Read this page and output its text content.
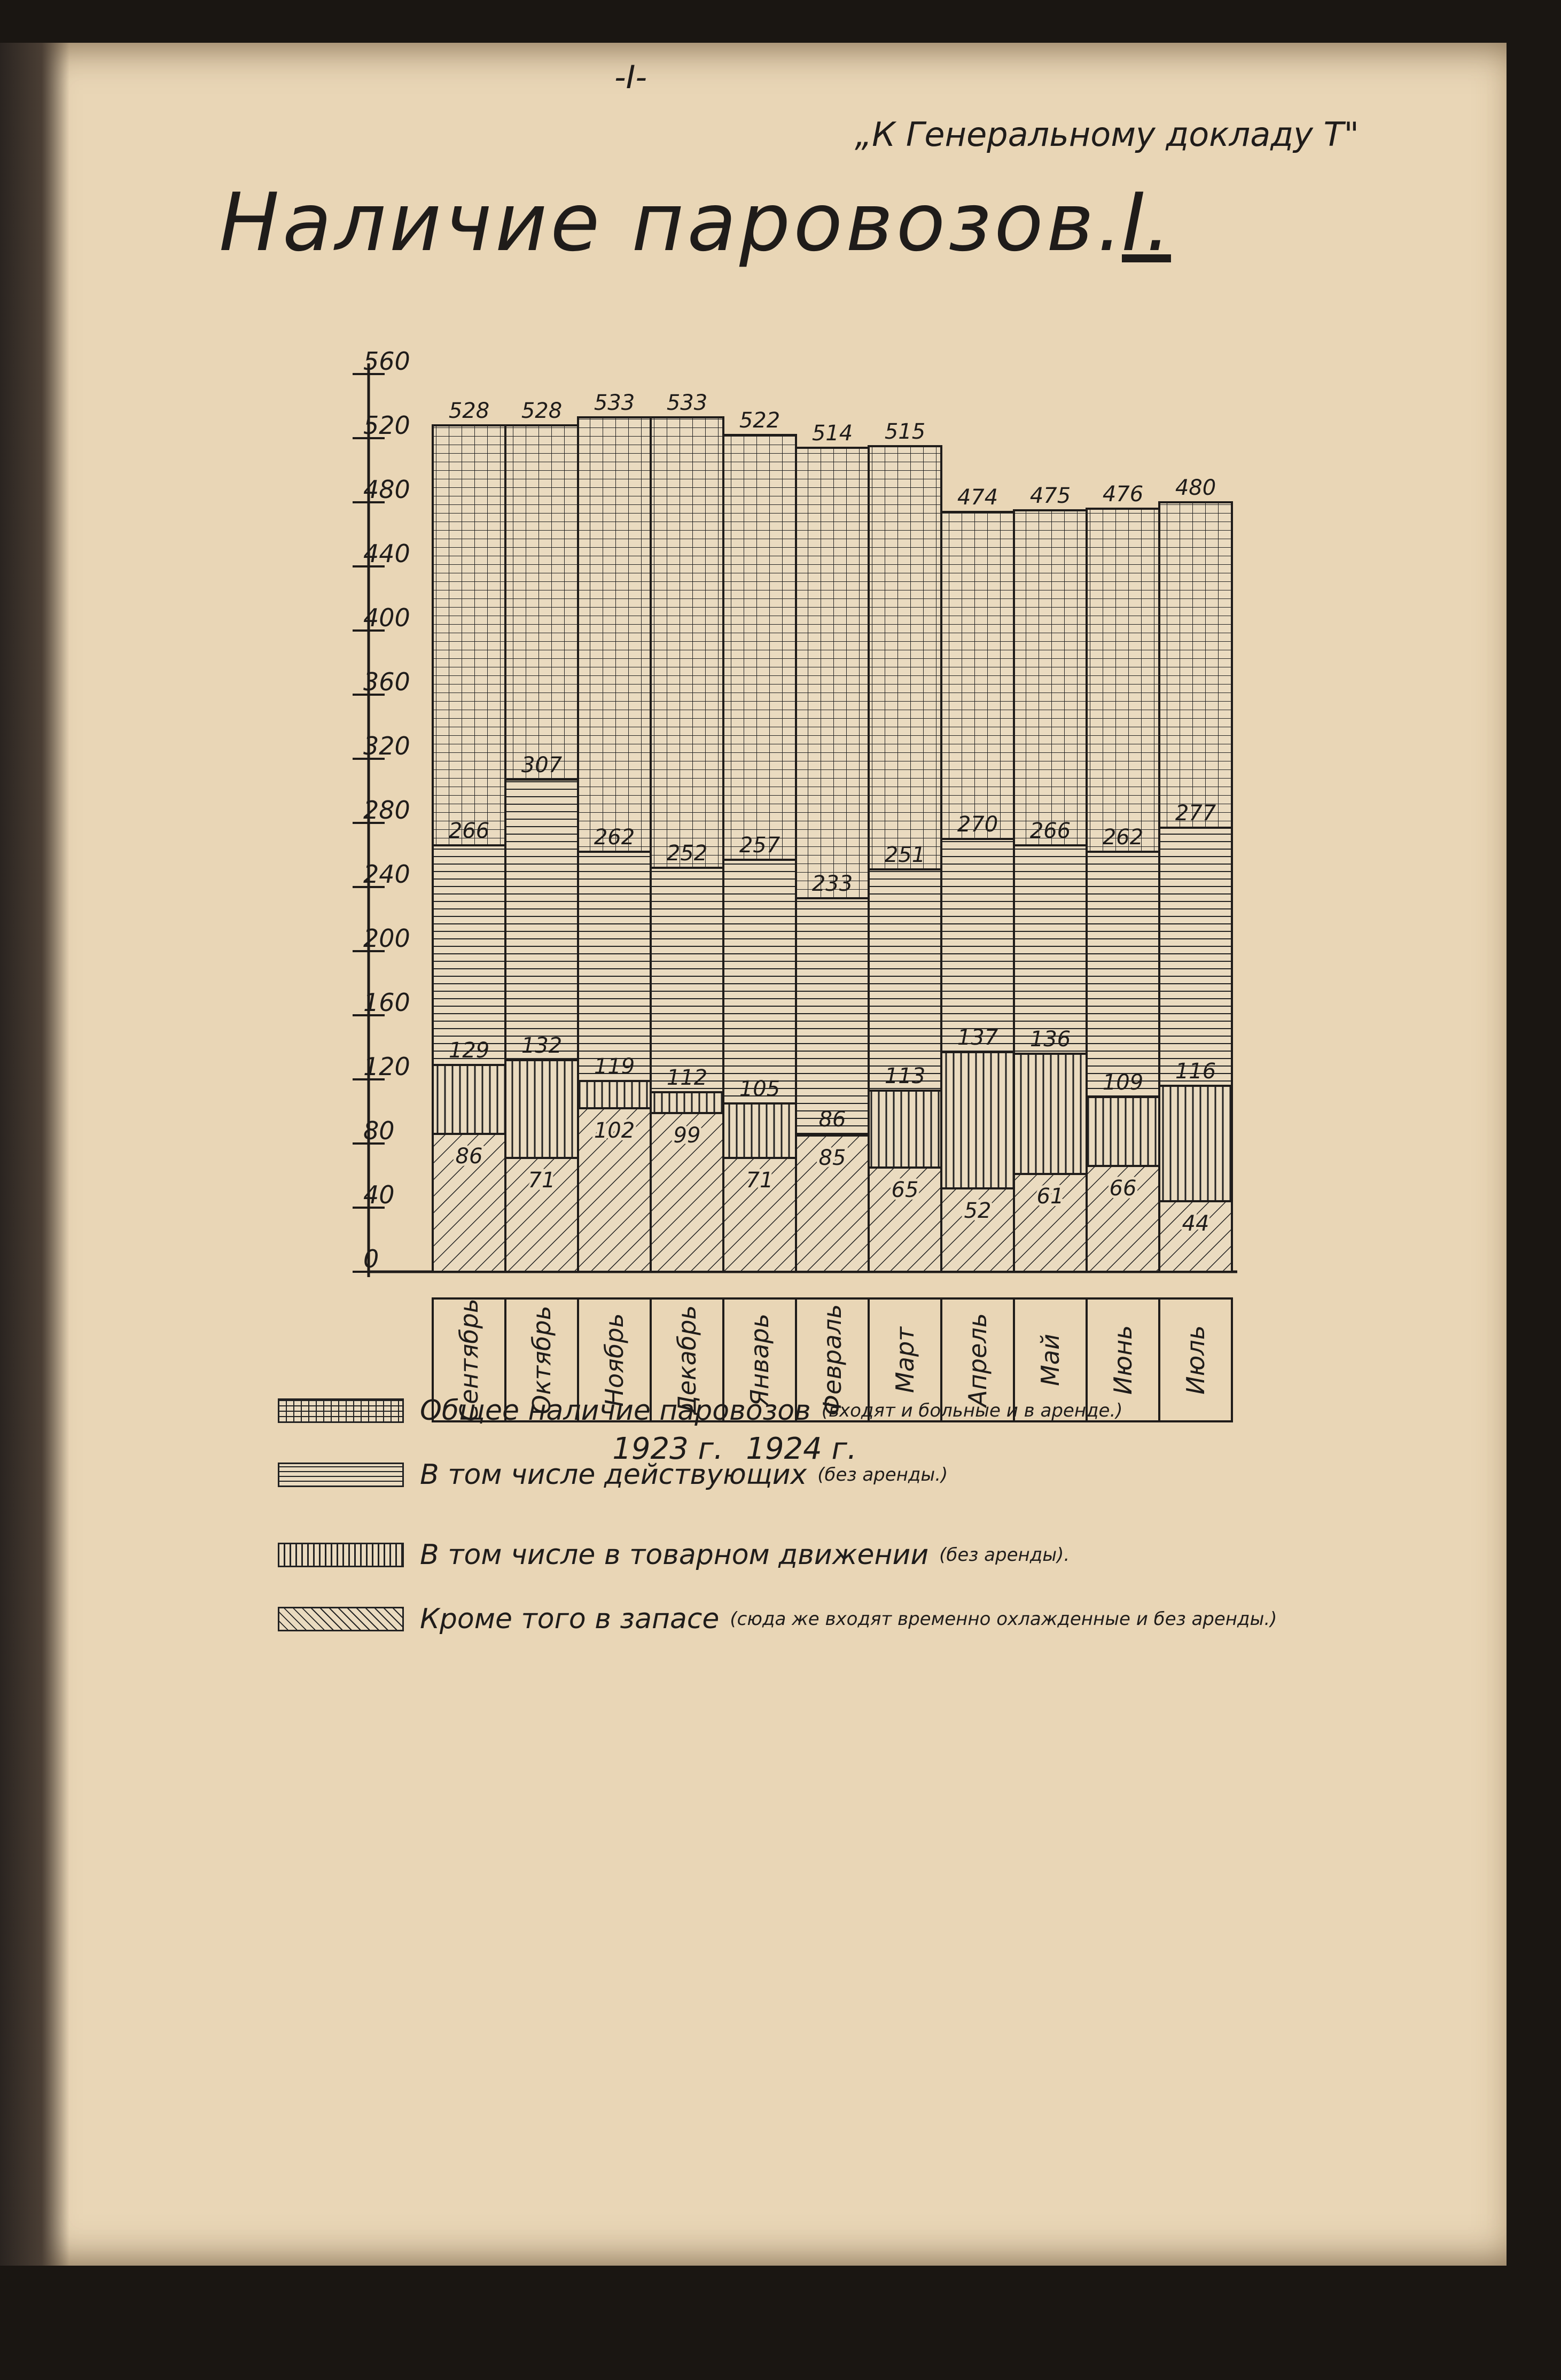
-I-
„К Генеральному докладу Т"
Наличие паровозов.
I.
0
40
80
120
160
200
240
280
320
360
400
440
480
520
560
528
266
129
86
528
307
132
71
533
262
119
102
533
252
112
99
522
257
105
71
514
233
86
85
515
251
113
65
474
270
137
52
475
266
136
61
476
262
109
66
480
277
116
44
Сентябрь Октябрь Ноябрь Декабрь Январь Февраль Март Апрель Май Июнь Июль
1923 г. 1924 г.
Общее наличие паровозов (входят и больные и в аренде.)
В том числе действующих (без аренды.)
В том числе в товарном движении (без аренды).
Кроме того в запасе (сюда же входят временно охлажденные и без аренды.)
